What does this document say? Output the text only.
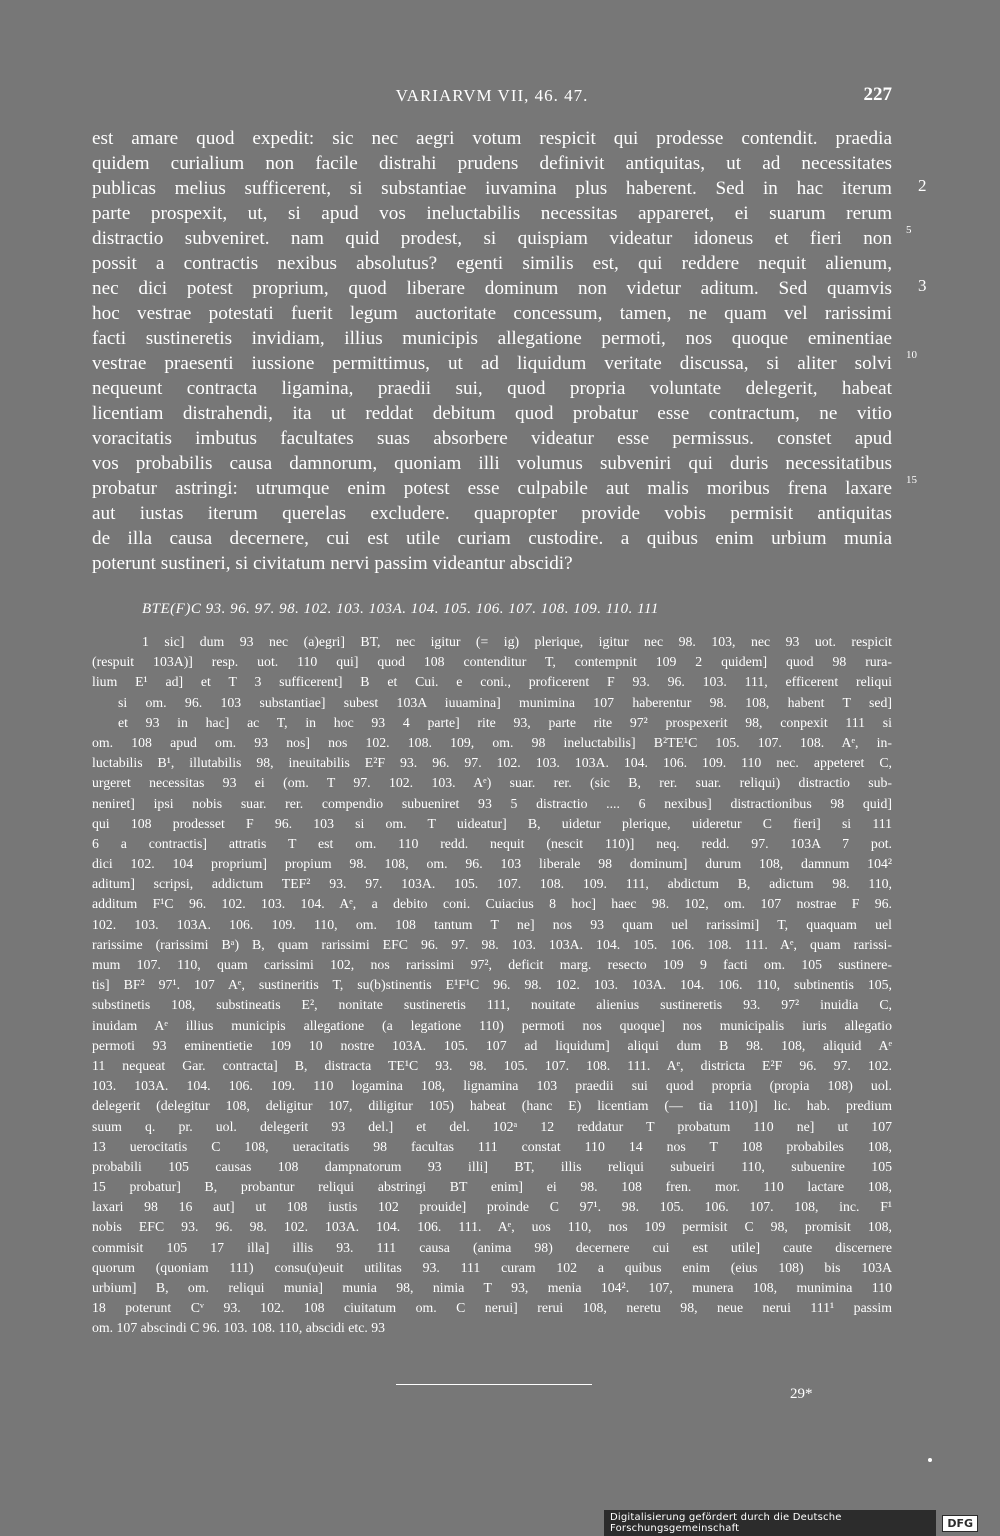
VARIARVM VII, 46. 47.	227
est amare quod expedit: sic nec aegri votum respicit qui prodesse contendit. praedia
quidem curialium non facile distrahi prudens definivit antiquitas, ut ad necessitates
publicas melius sufficerent, si substantiae iuvamina plus haberent. Sed in hac iterum 2
parte prospexit, ut, si apud vos ineluctabilis necessitas appareret, ei suarum rerum
distractio subveniret. nam quid prodest, si quispiam videatur idoneus et fieri non 5
possit a contractis nexibus absolutus? egenti similis est, qui reddere nequit alienum,
nec dici potest proprium, quod liberare dominum non videtur aditum. Sed quamvis 3
hoc vestrae potestati fuerit legum auctoritate concessum, tamen, ne quam vel rarissimi
facti sustineretis invidiam, illius municipis allegatione permoti, nos quoque eminentiae
vestrae praesenti iussione permittimus, ut ad liquidum veritate discussa, si aliter solvi 10
nequeunt contracta ligamina, praedii sui, quod propria voluntate delegerit, habeat
licentiam distrahendi, ita ut reddat debitum quod probatur esse contractum, ne vitio
voracitatis imbutus facultates suas absorbere videatur esse permissus. constet apud
vos probabilis causa damnorum, quoniam illi volumus subveniri qui duris necessitatibus
probatur astringi: utrumque enim potest esse culpabile aut malis moribus frena laxare 15
aut iustas iterum querelas excludere. quapropter provide vobis permisit antiquitas
de illa causa decernere, cui est utile curiam custodire. a quibus enim urbium munia
poterunt sustineri, si civitatum nervi passim videantur abscidi?
BTE(F)C 93. 96. 97. 98. 102. 103. 103A. 104. 105. 106. 107. 108. 109. 110. 111
1 sic] dum 93 nec (a)egri] BT, nec igitur (= ig) plerique, igitur nec 98. 103, nec 93 uot. respicit
(respuit 103A)] resp. uot. 110 qui] quod 108 contenditur T, contempnit 109 2 quidem] quod 98 rura-
lium E¹ ad] et T 3 sufficerent] B et Cui. e coni., proficerent F 93. 96. 103. 111, efficerent reliqui
si om. 96. 103 substantiae] subest 103A iuuamina] munimina 107 haberentur 98. 108, habent T sed]
et 93 in hac] ac T, in hoc 93 4 parte] rite 93, parte rite 97² prospexerit 98, conpexit 111 si
om. 108 apud om. 93 nos] nos 102. 108. 109, om. 98 ineluctabilis] B²TE¹C 105. 107. 108. Aᵉ, in-
luctabilis B¹, illutabilis 98, ineuitabilis E²F 93. 96. 97. 102. 103. 103A. 104. 106. 109. 110 nec. appeteret C,
urgeret necessitas 93 ei (om. T 97. 102. 103. Aᵉ) suar. rer. (sic B, rer. suar. reliqui) distractio sub-
neniret] ipsi nobis suar. rer. compendio subueniret 93 5 distractio .... 6 nexibus] distractionibus 98 quid]
qui 108 prodesset F 96. 103 si om. T uideatur] B, uidetur plerique, uideretur C fieri] si 111
6 a contractis] attratis T est om. 110 redd. nequit (nescit 110)] neq. redd. 97. 103A 7 pot.
dici 102. 104 proprium] propium 98. 108, om. 96. 103 liberale 98 dominum] durum 108, damnum 104²
aditum] scripsi, addictum TEF² 93. 97. 103A. 105. 107. 108. 109. 111, abdictum B, adictum 98. 110,
additum F¹C 96. 102. 103. 104. Aᵉ, a debito coni. Cuiacius 8 hoc] haec 98. 102, om. 107 nostrae F 96.
102. 103. 103A. 106. 109. 110, om. 108 tantum T ne] nos 93 quam uel rarissimi] T, quaquam uel
rarissime (rarissimi Bᵃ) B, quam rarissimi EFC 96. 97. 98. 103. 103A. 104. 105. 106. 108. 111. Aᵉ, quam rarissi-
mum 107. 110, quam carissimi 102, nos rarissimi 97², deficit marg. resecto 109 9 facti om. 105 sustinere-
tis] BF² 97¹. 107 Aᵉ, sustineritis T, su(b)stinentis E¹F¹C 96. 98. 102. 103. 103A. 104. 106. 110, subtinentis 105,
substinetis 108, substineatis E², nonitate sustineretis 111, nouitate alienius sustineretis 93. 97² inuidia C,
inuidam Aᵉ illius municipis allegatione (a legatione 110) permoti nos quoque] nos municipalis iuris allegatio
permoti 93 eminentietie 109 10 nostre 103A. 105. 107 ad liquidum] aliqui dum B 98. 108, aliquid Aᵉ
11 nequeat Gar. contracta] B, distracta TE¹C 93. 98. 105. 107. 108. 111. Aᵉ, districta E²F 96. 97. 102.
103. 103A. 104. 106. 109. 110 logamina 108, lignamina 103 praedii sui quod propria (propia 108) uol.
delegerit (delegitur 108, deligitur 107, diligitur 105) habeat (hanc E) licentiam (— tia 110)] lic. hab. predium
suum q. pr. uol. delegerit 93 del.] et del. 102ᵃ 12 reddatur T probatum 110 ne] ut 107
13 uerocitatis C 108, ueracitatis 98 facultas 111 constat 110 14 nos T 108 probabiles 108,
probabili 105 causas 108 dampnatorum 93 illi] BT, illis reliqui subueiri 110, subuenire 105
15 probatur] B, probantur reliqui abstringi BT enim] ei 98. 108 fren. mor. 110 lactare 108,
laxari 98 16 aut] ut 108 iustis 102 prouide] proinde C 97¹. 98. 105. 106. 107. 108, inc. F¹
nobis EFC 93. 96. 98. 102. 103A. 104. 106. 111. Aᵉ, uos 110, nos 109 permisit C 98, promisit 108,
commisit 105 17 illa] illis 93. 111 causa (anima 98) decernere cui est utile] caute discernere
quorum (quoniam 111) consu(u)euit utilitas 93. 111 curam 102 a quibus enim (eius 108) bis 103A
urbium] B, om. reliqui munia] munia 98, nimia T 93, menia 104². 107, munera 108, munimina 110
18 poterunt Cᵛ 93. 102. 108 ciuitatum om. C nerui] rerui 108, neretu 98, neue nerui 111¹ passim
om. 107 abscindi C 96. 103. 108. 110, abscidi etc. 93
29*
Digitalisierung gefördert durch die Deutsche Forschungsgemeinschaft	DFG
